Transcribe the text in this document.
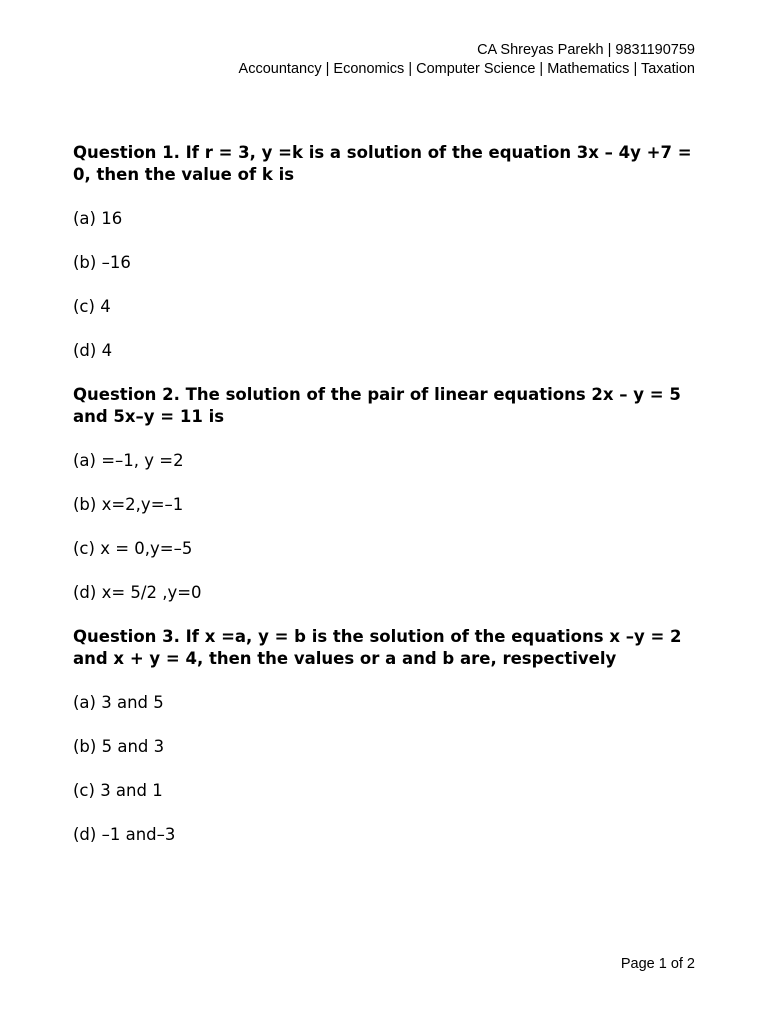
CA Shreyas Parekh | 9831190759
Accountancy | Economics | Computer Science | Mathematics | Taxation

Question 1. If r = 3, y =k is a solution of the equation 3x – 4y +7 = 0, then the value of k is

(a) 16

(b) –16

(c) 4

(d) 4

Question 2. The solution of the pair of linear equations 2x – y = 5 and 5x–y = 11 is

(a) =–1, y =2

(b) x=2,y=–1

(c) x = 0,y=–5

(d) x= 5/2 ,y=0

Question 3. If x =a, y = b is the solution of the equations x –y = 2 and x + y = 4, then the values or a and b are, respectively

(a) 3 and 5

(b) 5 and 3

(c) 3 and 1

(d) –1 and–3

Page 1 of 2
